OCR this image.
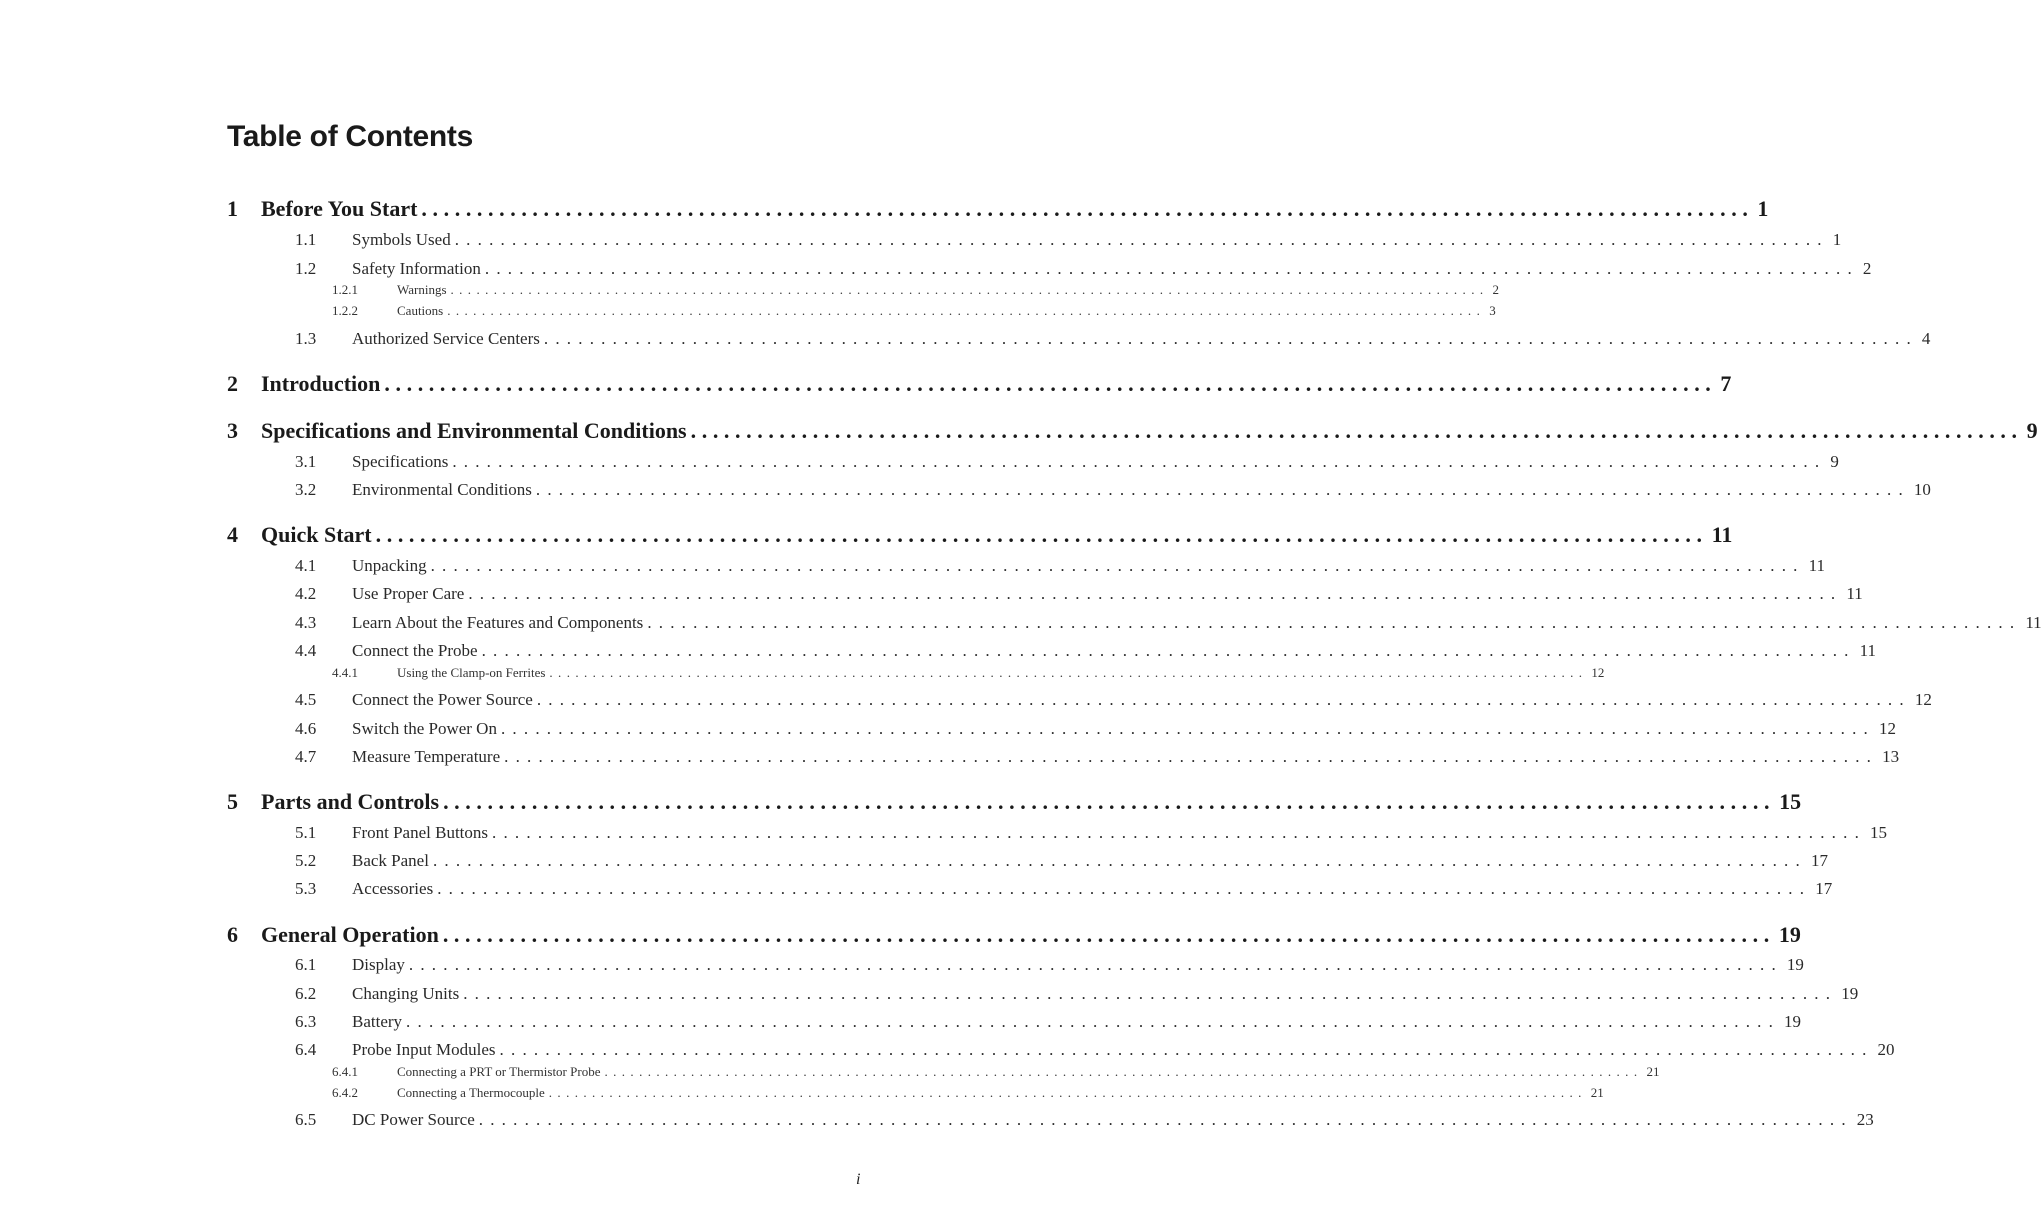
Table of Contents
1 Before You Start ........................................................................................................................ 1
1.1 Symbols Used ........................................................................................................................ 1
1.2 Safety Information ........................................................................................................................ 2
1.2.1	Warnings ........................................................................................................................ 2
1.2.2	Cautions ........................................................................................................................ 3
1.3 Authorized Service Centers ........................................................................................................................ 4
2 Introduction ........................................................................................................................ 7
3 Specifications and Environmental Conditions ........................................................................................................................ 9
3.1 Specifications ........................................................................................................................ 9
3.2 Environmental Conditions ........................................................................................................................ 10
4 Quick Start ........................................................................................................................ 11
4.1 Unpacking ........................................................................................................................ 11
4.2 Use Proper Care ........................................................................................................................ 11
4.3 Learn About the Features and Components ........................................................................................................................ 11
4.4 Connect the Probe ........................................................................................................................ 11
4.4.1	Using the Clamp-on Ferrites ........................................................................................................................ 12
4.5 Connect the Power Source ........................................................................................................................ 12
4.6 Switch the Power On ........................................................................................................................ 12
4.7 Measure Temperature ........................................................................................................................ 13
5 Parts and Controls ........................................................................................................................ 15
5.1 Front Panel Buttons ........................................................................................................................ 15
5.2 Back Panel ........................................................................................................................ 17
5.3 Accessories ........................................................................................................................ 17
6 General Operation ........................................................................................................................ 19
6.1 Display ........................................................................................................................ 19
6.2 Changing Units ........................................................................................................................ 19
6.3 Battery ........................................................................................................................ 19
6.4 Probe Input Modules ........................................................................................................................ 20
6.4.1	Connecting a PRT or Thermistor Probe ........................................................................................................................ 21
6.4.2	Connecting a Thermocouple ........................................................................................................................ 21
6.5 DC Power Source ........................................................................................................................ 23
i
